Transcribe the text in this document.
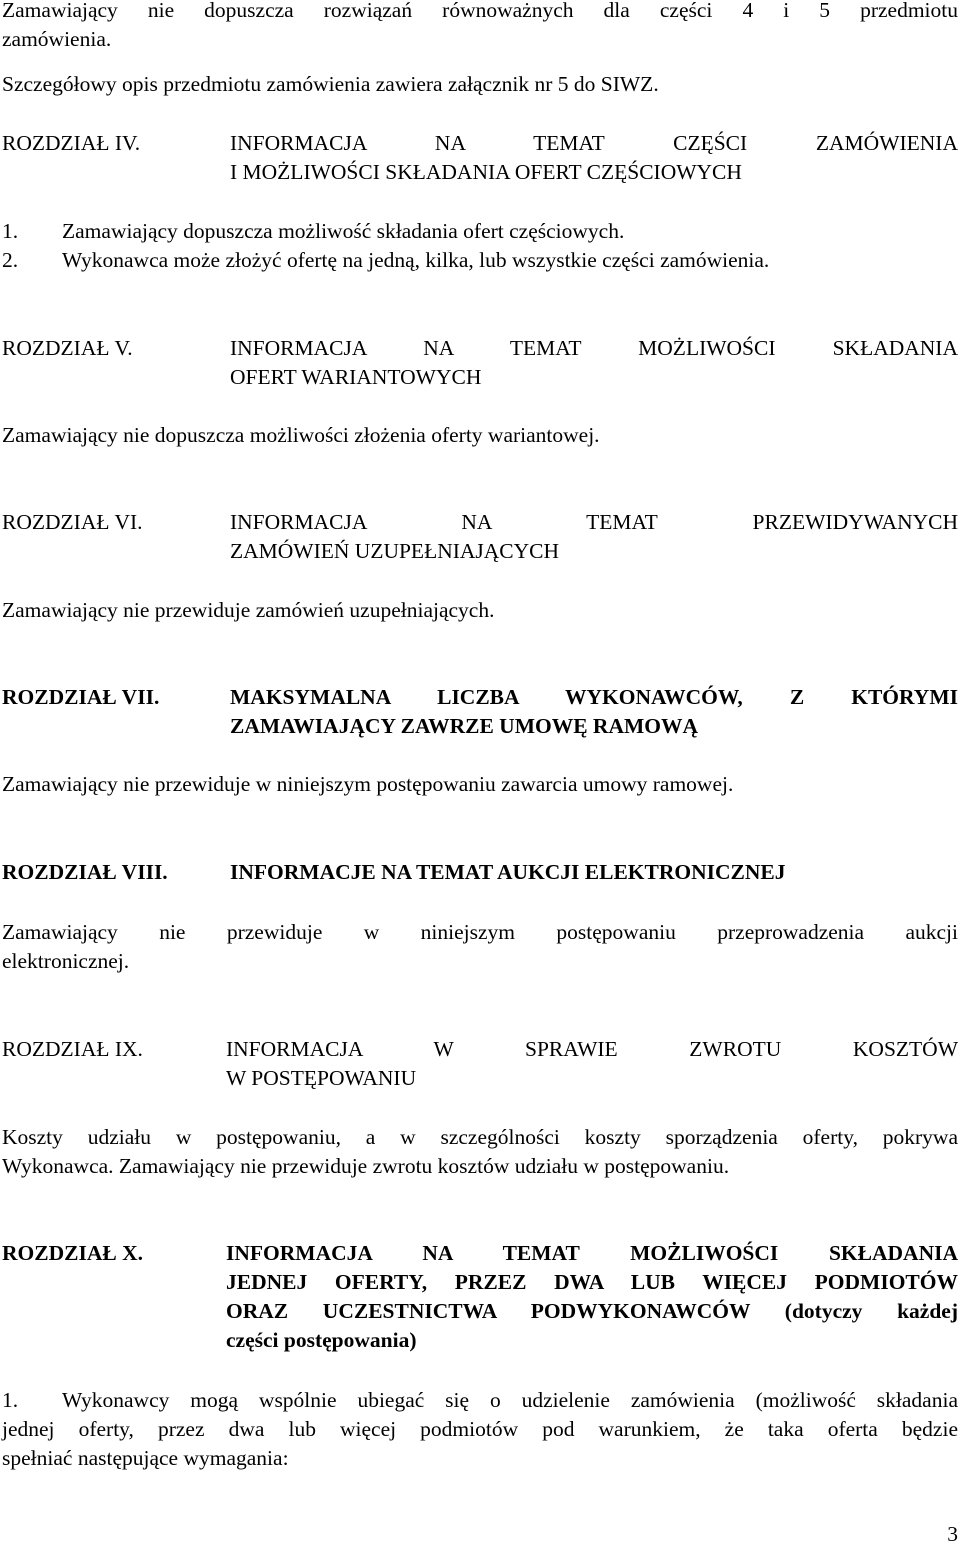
Zamawiający nie dopuszcza rozwiązań równoważnych dla części 4 i 5 przedmiotu
zamówienia.
Szczegółowy opis przedmiotu zamówienia zawiera załącznik nr 5 do SIWZ.
ROZDZIAŁ IV.	INFORMACJA NA TEMAT CZĘŚCI ZAMÓWIENIA
I MOŻLIWOŚCI SKŁADANIA OFERT CZĘŚCIOWYCH
1.	Zamawiający dopuszcza możliwość składania ofert częściowych.
2.	Wykonawca może złożyć ofertę na jedną, kilka, lub wszystkie części zamówienia.
ROZDZIAŁ V.	INFORMACJA NA TEMAT MOŻLIWOŚCI SKŁADANIA
OFERT WARIANTOWYCH
Zamawiający nie dopuszcza możliwości złożenia oferty wariantowej.
ROZDZIAŁ VI.	INFORMACJA NA TEMAT PRZEWIDYWANYCH
ZAMÓWIEŃ UZUPEŁNIAJĄCYCH
Zamawiający nie przewiduje zamówień uzupełniających.
ROZDZIAŁ VII.	MAKSYMALNA LICZBA WYKONAWCÓW, Z KTÓRYMI
ZAMAWIAJĄCY ZAWRZE UMOWĘ RAMOWĄ
Zamawiający nie przewiduje w niniejszym postępowaniu zawarcia umowy ramowej.
ROZDZIAŁ VIII.	INFORMACJE NA TEMAT AUKCJI ELEKTRONICZNEJ
Zamawiający nie przewiduje w niniejszym postępowaniu przeprowadzenia aukcji
elektronicznej.
ROZDZIAŁ IX.	INFORMACJA W SPRAWIE ZWROTU KOSZTÓW
W POSTĘPOWANIU
Koszty udziału w postępowaniu, a w szczególności koszty sporządzenia oferty, pokrywa
Wykonawca. Zamawiający nie przewiduje zwrotu kosztów udziału w postępowaniu.
ROZDZIAŁ X.	INFORMACJA NA TEMAT MOŻLIWOŚCI SKŁADANIA
JEDNEJ OFERTY, PRZEZ DWA LUB WIĘCEJ PODMIOTÓW
ORAZ UCZESTNICTWA PODWYKONAWCÓW (dotyczy każdej
części postępowania)
1.	Wykonawcy mogą wspólnie ubiegać się o udzielenie zamówienia (możliwość składania
jednej oferty, przez dwa lub więcej podmiotów pod warunkiem, że taka oferta będzie
spełniać następujące wymagania:
3
